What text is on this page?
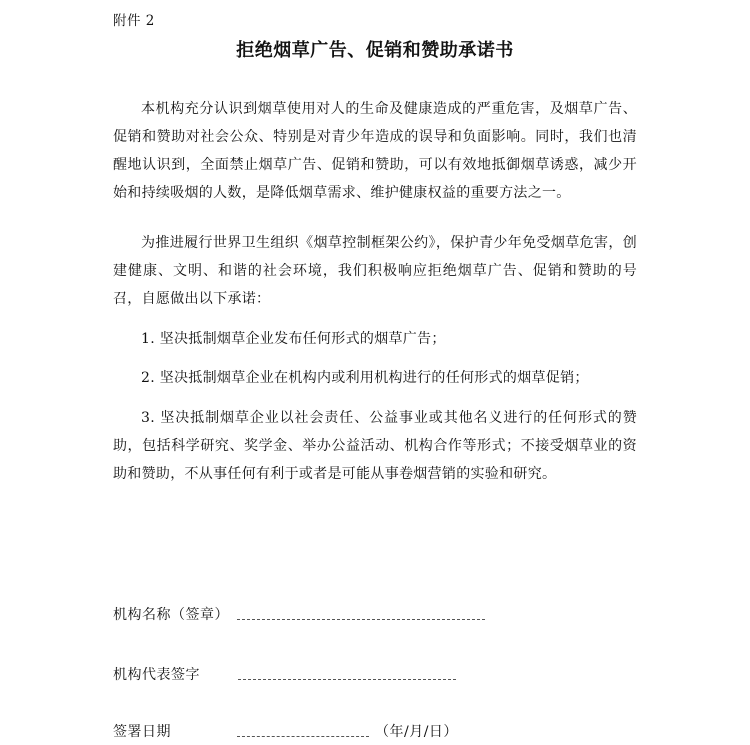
附件 2
拒绝烟草广告、促销和赞助承诺书
本机构充分认识到烟草使用对人的生命及健康造成的严重危害，及烟草广告、促销和赞助对社会公众、特别是对青少年造成的误导和负面影响。同时，我们也清醒地认识到，全面禁止烟草广告、促销和赞助，可以有效地抵御烟草诱惑，减少开始和持续吸烟的人数，是降低烟草需求、维护健康权益的重要方法之一。
为推进履行世界卫生组织《烟草控制框架公约》，保护青少年免受烟草危害，创建健康、文明、和谐的社会环境，我们积极响应拒绝烟草广告、促销和赞助的号召，自愿做出以下承诺：
1. 坚决抵制烟草企业发布任何形式的烟草广告；
2. 坚决抵制烟草企业在机构内或利用机构进行的任何形式的烟草促销；
3. 坚决抵制烟草企业以社会责任、公益事业或其他名义进行的任何形式的赞助，包括科学研究、奖学金、举办公益活动、机构合作等形式；不接受烟草业的资助和赞助，不从事任何有利于或者是可能从事卷烟营销的实验和研究。
机构名称（签章）
机构代表签字
签署日期	（年/月/日）
